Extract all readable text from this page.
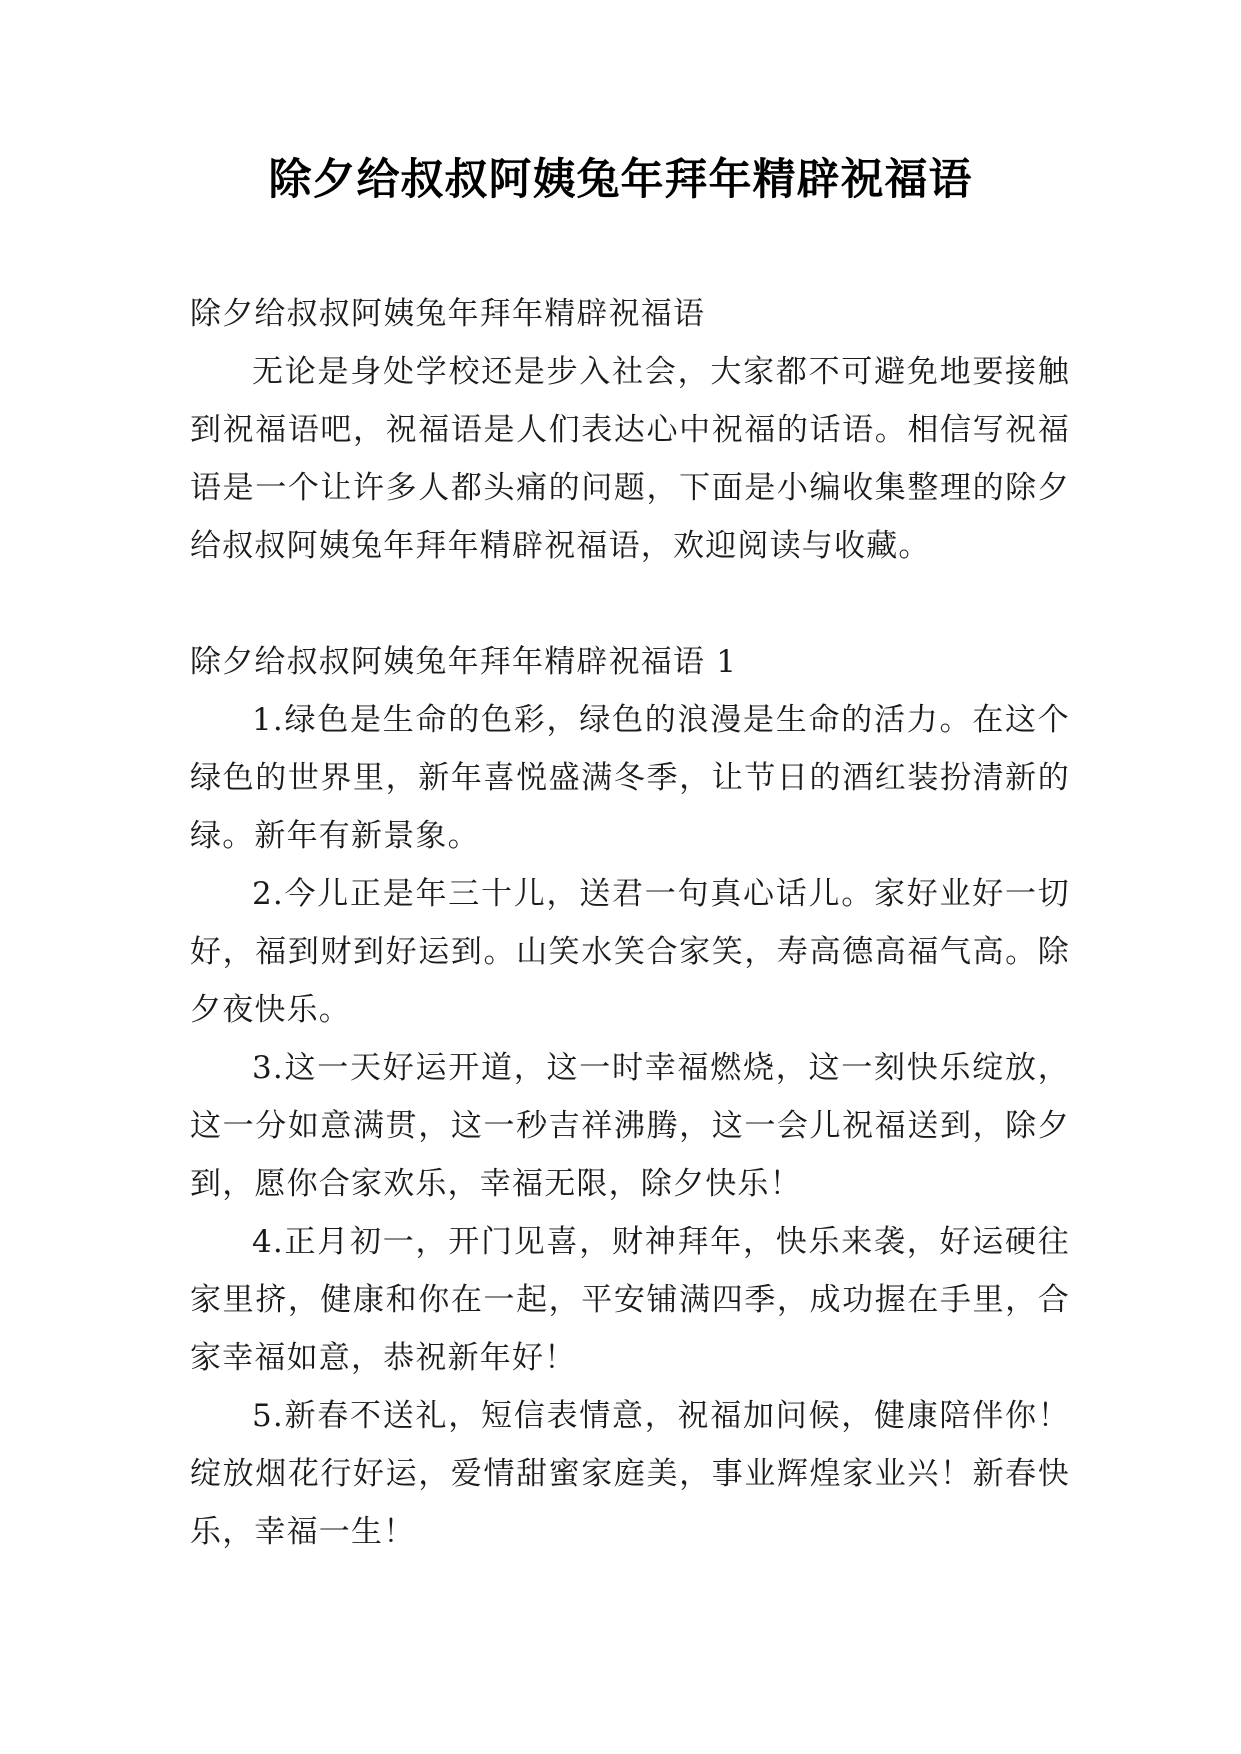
除夕给叔叔阿姨兔年拜年精辟祝福语

除夕给叔叔阿姨兔年拜年精辟祝福语

无论是身处学校还是步入社会，大家都不可避免地要接触到祝福语吧，祝福语是人们表达心中祝福的话语。相信写祝福语是一个让许多人都头痛的问题，下面是小编收集整理的除夕给叔叔阿姨兔年拜年精辟祝福语，欢迎阅读与收藏。

除夕给叔叔阿姨兔年拜年精辟祝福语 1

1.绿色是生命的色彩，绿色的浪漫是生命的活力。在这个绿色的世界里，新年喜悦盛满冬季，让节日的酒红装扮清新的绿。新年有新景象。

2.今儿正是年三十儿，送君一句真心话儿。家好业好一切好，福到财到好运到。山笑水笑合家笑，寿高德高福气高。除夕夜快乐。

3.这一天好运开道，这一时幸福燃烧，这一刻快乐绽放，这一分如意满贯，这一秒吉祥沸腾，这一会儿祝福送到，除夕到，愿你合家欢乐，幸福无限，除夕快乐！

4.正月初一，开门见喜，财神拜年，快乐来袭，好运硬往家里挤，健康和你在一起，平安铺满四季，成功握在手里，合家幸福如意，恭祝新年好！

5.新春不送礼，短信表情意，祝福加问候，健康陪伴你！绽放烟花行好运，爱情甜蜜家庭美，事业辉煌家业兴！新春快乐，幸福一生！
